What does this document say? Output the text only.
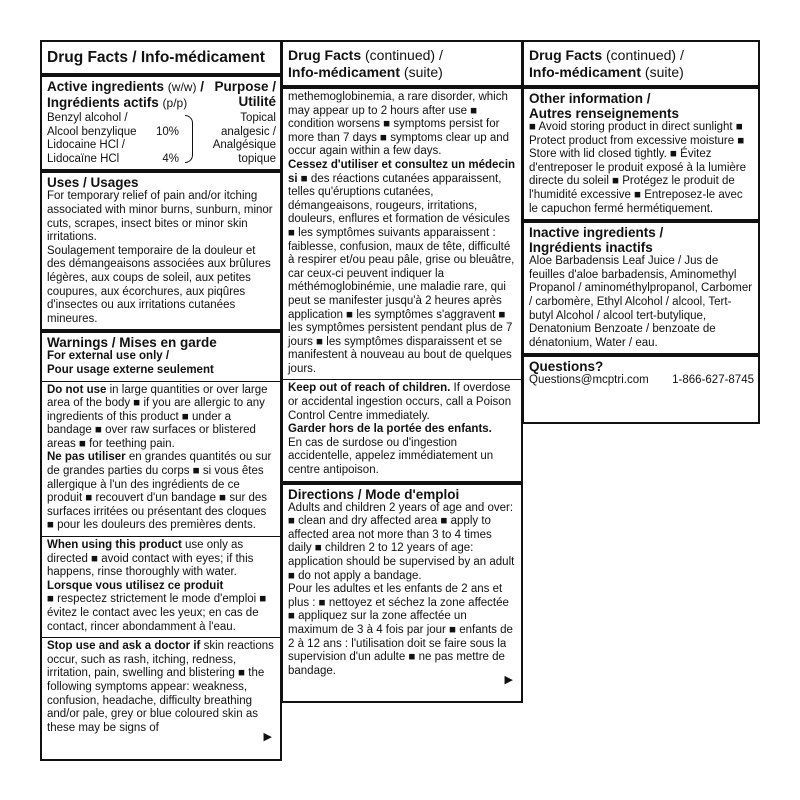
Drug Facts / Info-médicament
Active ingredients (w/w) /
Ingrédients actifs (p/p)
Purpose /
Utilité
Benzyl alcohol /
Alcool benzylique 10%
Lidocaine HCl /
Lidocaïne HCl	4%
Topical
analgesic /
Analgésique
topique
Uses / Usages

For temporary relief of pain and/or itching associated with minor burns, sunburn, minor cuts, scrapes, insect bites or minor skin irritations.

Soulagement temporaire de la douleur et des démangeaisons associées aux brûlures légères, aux coups de soleil, aux petites coupures, aux écorchures, aux piqûres d'insectes ou aux irritations cutanées mineures.

Warnings / Mises en garde
For external use only /
Pour usage externe seulement

Do not use in large quantities or over large area of the body ■ if you are allergic to any ingredients of this product ■ under a bandage ■ over raw surfaces or blistered areas ■ for teething pain.

Ne pas utiliser en grandes quantités ou sur de grandes parties du corps ■ si vous êtes allergique à l'un des ingrédients de ce produit ■ recouvert d'un bandage ■ sur des surfaces irritées ou présentant des cloques ■ pour les douleurs des premières dents.

When using this product use only as directed ■ avoid contact with eyes; if this happens, rinse thoroughly with water.

Lorsque vous utilisez ce produit

■ respectez strictement le mode d'emploi ■ évitez le contact avec les yeux; en cas de contact, rincer abondamment à l'eau.

Stop use and ask a doctor if skin reactions occur, such as rash, itching, redness, irritation, pain, swelling and blistering ■ the following symptoms appear: weakness, confusion, headache, difficulty breathing and/or pale, grey or blue coloured skin as these may be signs of

▶
Drug Facts (continued) /
Info-médicament (suite)

methemoglobinemia, a rare disorder, which may appear up to 2 hours after use ■ condition worsens ■ symptoms persist for more than 7 days ■ symptoms clear up and occur again within a few days.

Cessez d'utiliser et consultez un médecin si ■ des réactions cutanées apparaissent, telles qu'éruptions cutanées, démangeaisons, rougeurs, irritations, douleurs, enflures et formation de vésicules ■ les symptômes suivants apparaissent : faiblesse, confusion, maux de tête, difficulté à respirer et/ou peau pâle, grise ou bleuâtre, car ceux-ci peuvent indiquer la méthémoglobinémie, une maladie rare, qui peut se manifester jusqu'à 2 heures après application ■ les symptômes s'aggravent ■ les symptômes persistent pendant plus de 7 jours ■ les symptômes disparaissent et se manifestent à nouveau au bout de quelques jours.

Keep out of reach of children. If overdose or accidental ingestion occurs, call a Poison Control Centre immediately.

Garder hors de la portée des enfants.

En cas de surdose ou d'ingestion accidentelle, appelez immédiatement un centre antipoison.

Directions / Mode d'emploi

Adults and children 2 years of age and over: ■ clean and dry affected area ■ apply to affected area not more than 3 to 4 times daily ■ children 2 to 12 years of age: application should be supervised by an adult ■ do not apply a bandage.

Pour les adultes et les enfants de 2 ans et plus : ■ nettoyez et séchez la zone affectée ■ appliquez sur la zone affectée un maximum de 3 à 4 fois par jour ■ enfants de 2 à 12 ans : l'utilisation doit se faire sous la supervision d'un adulte ■ ne pas mettre de bandage.

▶
Drug Facts (continued) /
Info-médicament (suite)
Other information /
Autres renseignements

■ Avoid storing product in direct sunlight ■ Protect product from excessive moisture ■ Store with lid closed tightly. ■ Évitez d'entreposer le produit exposé à la lumière directe du soleil ■ Protégez le produit de l'humidité excessive ■ Entreposez-le avec le capuchon fermé hermétiquement.

Inactive ingredients /
Ingrédients inactifs

Aloe Barbadensis Leaf Juice / Jus de feuilles d'aloe barbadensis, Aminomethyl Propanol / aminométhylpropanol, Carbomer / carbomère, Ethyl Alcohol / alcool, Tert-butyl Alcohol / alcool tert-butylique, Denatonium Benzoate / benzoate de dénatonium, Water / eau.

Questions?
Questions@mcptri.com 1-866-627-8745
